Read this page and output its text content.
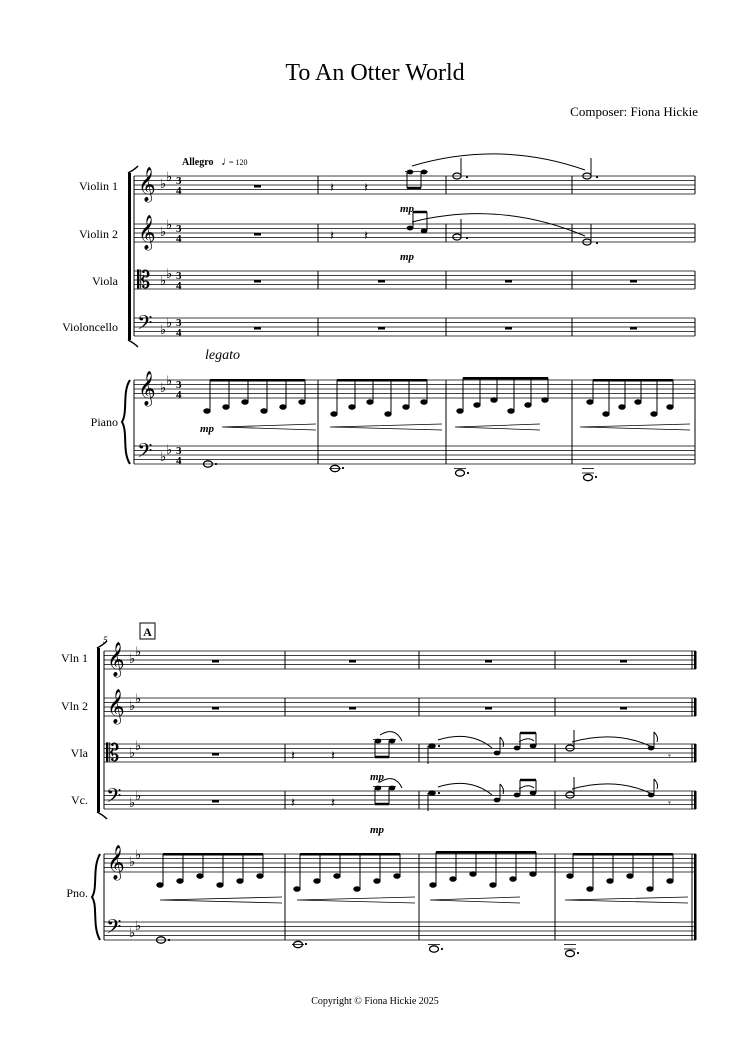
To An Otter World
Composer: Fiona Hickie
Copyright © Fiona Hickie 2025
Violin 1
Violin 2
Viola
Violoncello
Piano
𝄞
𝄞
𝄡
𝄢
𝄞
𝄢
♭ ♭
♭ ♭
♭ ♭
♭ ♭
♭ ♭
♭ ♭
3
4
3
4
3
4
3
4
3
4
3
4
Allegro ♩
= 120
legato
𝄽 𝄽
mp
𝄽 𝄽
mp
mp
5
A
Vln 1
Vln 2
Vla
Vc.
Pno.
𝄞
𝄞
𝄡
𝄢
𝄞
𝄢
♭ ♭
♭ ♭
♭ ♭
♭ ♭
♭ ♭
♭ ♭
𝄽	𝄽
mp
𝄾
𝄽	𝄽
mp
𝄾
